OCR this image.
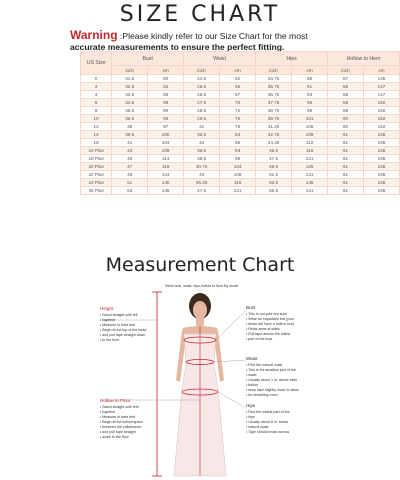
SIZE CHART
Warning :Please kindly refer to our Size Chart for the most
accurate measurements to ensure the perfect fitting.
US Size	Bust		Waist		Hips		Hollow to Hem	
	inch	cm	inch	cm	inch	cm	inch	cm
0	31.5	80	24.5	62	34.75	88	57	145
2	32.5	83	25.5	65	35.75	91	58	147
4	33.5	85	26.5	67	36.75	93	58	147
6	34.5	88	27.5	70	37.75	96	59	150
8	35.5	90	28.5	72	38.75	98	59	150
10	36.5	93	29.5	75	39.75	101	60	152
12	38	97	31	79	41.25	105	60	152
14	39.5	100	32.5	83	42.75	109	61	155
16	41	104	34	86	44.25	112	61	155
16 Plus	43	109	36.5	93	45.5	116	61	155
18 Plus	45	114	38.5	98	47.5	121	61	155
20 Plus	47	119	40.75	104	49.5	126	61	155
22 Plus	49	124	43	109	51.5	131	61	155
24 Plus	51	130	45.25	115	53.5	136	61	155
26 Plus	53	135	47.5	121	55.5	141	61	155
Measurement Chart
Send bust, waist, hips,hollow to floor By email
Height
• Stand straight with fell
• together
• Measure in bare feet
• Begin at the top of the head
• and pull tape straight down
• to the floor
Hollow to Floor
• Stand straight with feet
• together
• Measure in bare feet
• Begin at the hollow space
• between the collarbones
• and pull tape straight
• down to the floor
Bust
• This is not your bra size!
• Wear an unpadded bra (your
• dress will have a built-in bra)
• Relax arms at sides
• Pull tape across the fullest
• part of the bust
Waist
• Find the natural waist
• This is the smallest part of the
• waist
• Usually about 1 in. above belly
• button
• keep tape slightly loose to allow
• for breathing room
Hips
• Find the widest part of the
• hips
• Usually about 8 in. below
• natural waist
• Tape should brush across
